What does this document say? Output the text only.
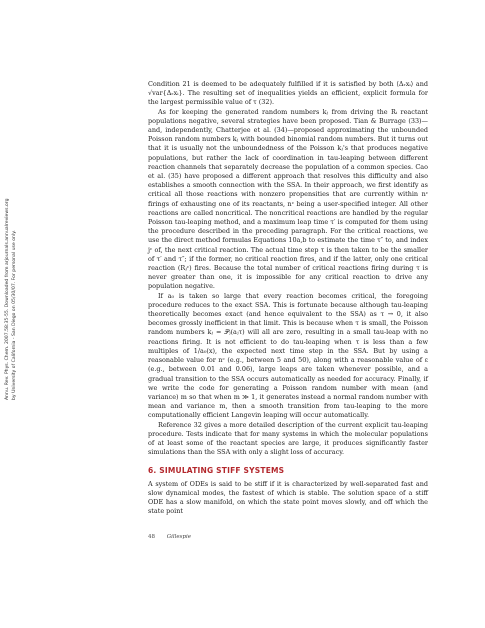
Annu. Rev. Phys. Chem. 2007.58:35-55. Downloaded from arjournals.annualreviews.org by University of California - San Diego on 05/30/07. For personal use only.

Condition 21 is deemed to be adequately fulfilled if it is satisfied by both ⟨Δᵣxᵢ⟩ and √var{Δᵣxᵢ}. The resulting set of inequalities yields an efficient, explicit formula for the largest permissible value of τ (32).

As for keeping the generated random numbers kⱼ from driving the Rᵢ reactant populations negative, several strategies have been proposed. Tian & Burrage (33)—and, independently, Chatterjee et al. (34)—proposed approximating the unbounded Poisson random numbers kⱼ with bounded binomial random numbers. But it turns out that it is usually not the unboundedness of the Poisson kⱼ's that produces negative populations, but rather the lack of coordination in tau-leaping between different reaction channels that separately decrease the population of a common species. Cao et al. (35) have proposed a different approach that resolves this difficulty and also establishes a smooth connection with the SSA. In their approach, we first identify as critical all those reactions with nonzero propensities that are currently within nᶜ firings of exhausting one of its reactants, nᶜ being a user-specified integer. All other reactions are called noncritical. The noncritical reactions are handled by the regular Poisson tau-leaping method, and a maximum leap time τ′ is computed for them using the procedure described in the preceding paragraph. For the critical reactions, we use the direct method formulas Equations 10a,b to estimate the time τ″ to, and index jᶜ of, the next critical reaction. The actual time step τ is then taken to be the smaller of τ′ and τ″; if the former, no critical reaction fires, and if the latter, only one critical reaction (Rⱼᶜ) fires. Because the total number of critical reactions firing during τ is never greater than one, it is impossible for any critical reaction to drive any population negative.

If a₀ is taken so large that every reaction becomes critical, the foregoing procedure reduces to the exact SSA. This is fortunate because although tau-leaping theoretically becomes exact (and hence equivalent to the SSA) as τ → 0, it also becomes grossly inefficient in that limit. This is because when τ is small, the Poisson random numbers kⱼ = 𝒫ⱼ(aⱼτ) will all are zero, resulting in a small tau-leap with no reactions firing. It is not efficient to do tau-leaping when τ is less than a few multiples of 1/a₀(x), the expected next time step in the SSA. But by using a reasonable value for nᶜ (e.g., between 5 and 50), along with a reasonable value of ε (e.g., between 0.01 and 0.06), large leaps are taken whenever possible, and a gradual transition to the SSA occurs automatically as needed for accuracy. Finally, if we write the code for generating a Poisson random number with mean (and variance) m so that when m ≫ 1, it generates instead a normal random number with mean and variance m, then a smooth transition from tau-leaping to the more computationally efficient Langevin leaping will occur automatically.

Reference 32 gives a more detailed description of the current explicit tau-leaping procedure. Tests indicate that for many systems in which the molecular populations of at least some of the reactant species are large, it produces significantly faster simulations than the SSA with only a slight loss of accuracy.

6. SIMULATING STIFF SYSTEMS

A system of ODEs is said to be stiff if it is characterized by well-separated fast and slow dynamical modes, the fastest of which is stable. The solution space of a stiff ODE has a slow manifold, on which the state point moves slowly, and off which the state point

48 Gillespie
